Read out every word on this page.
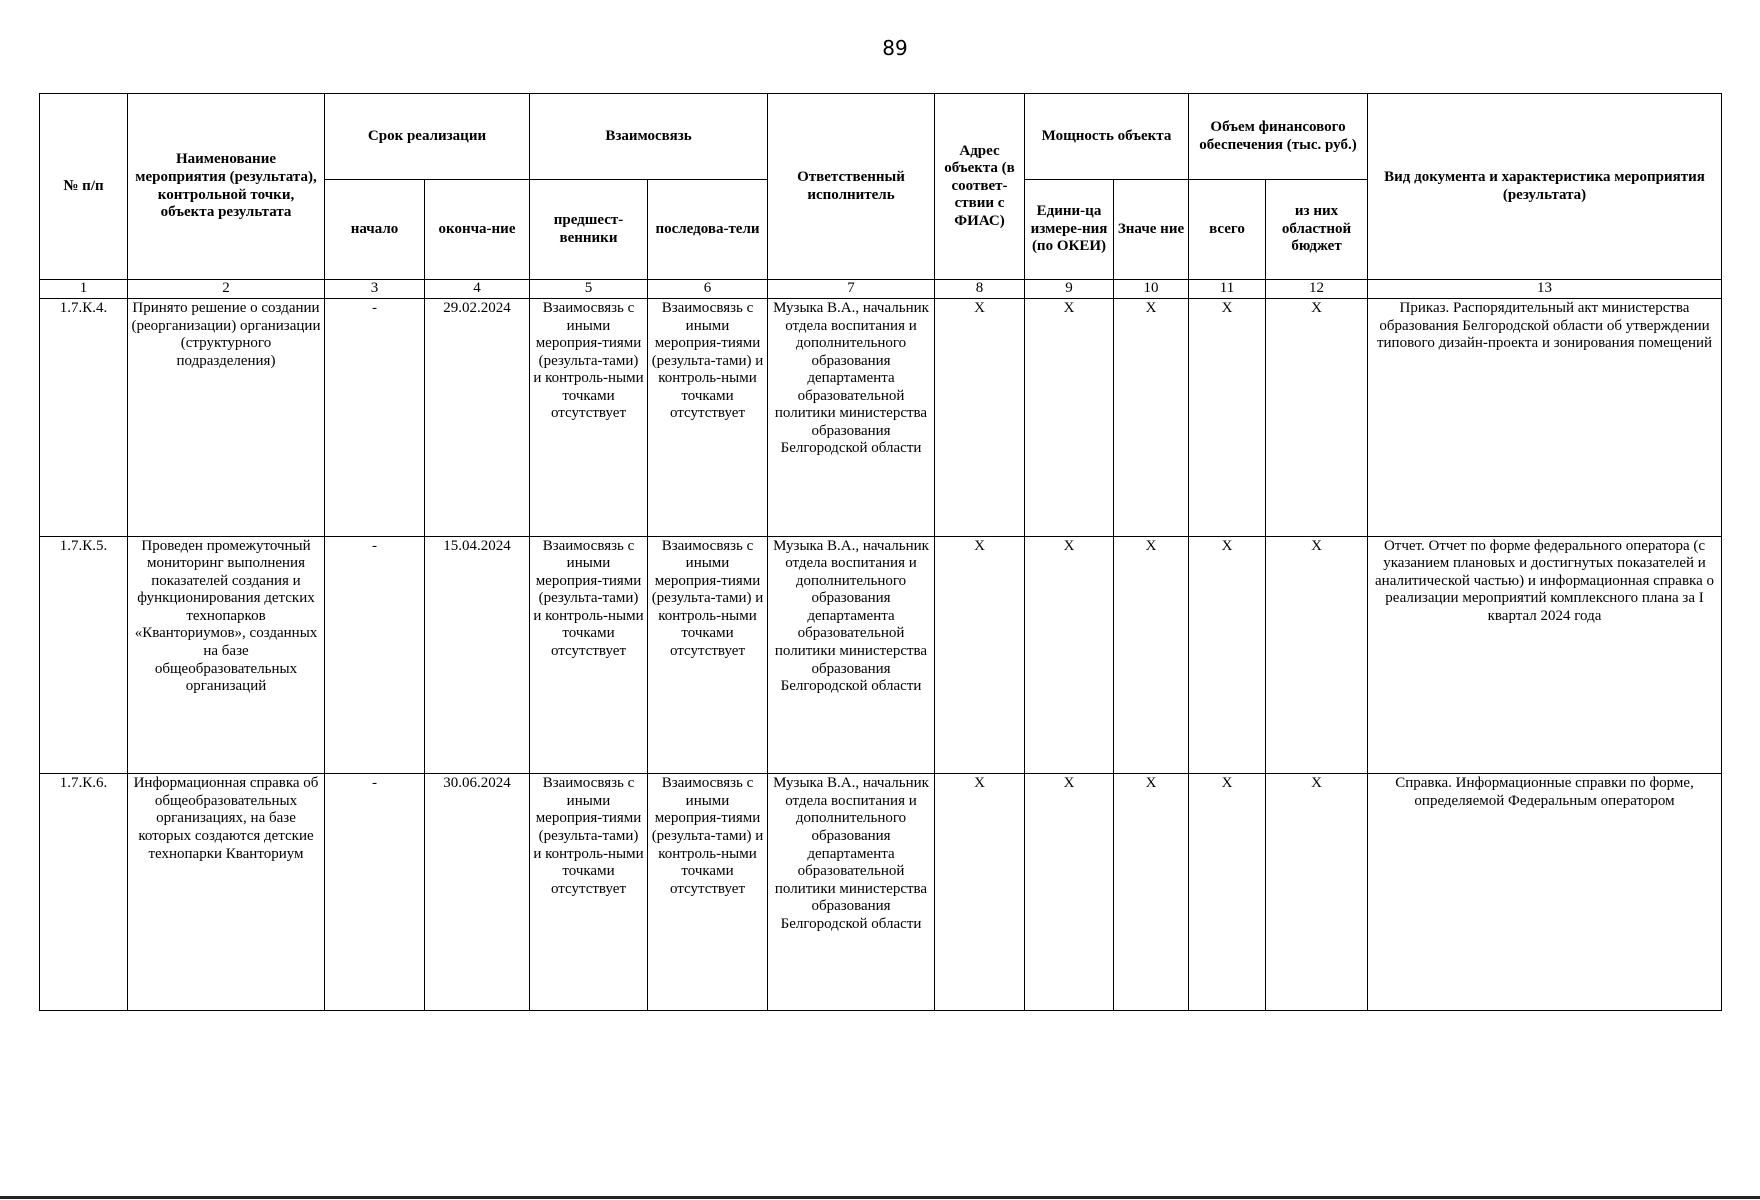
89
№ п/п	Наименование мероприятия (результата), контрольной точки, объекта результата	Срок реализации		Взаимосвязь		Ответственный исполнитель	Адрес объекта (в соответ-ствии с ФИАС)	Мощность объекта		Объем финансового обеспечения (тыс. руб.)		Вид документа и характеристика мероприятия (результата)
		начало	оконча-ние	предшест-венники	последова-тели			Едини-ца измере-ния (по ОКЕИ)	Значе ние	всего	из них областной бюджет	
1	2	3	4	5	6	7	8	9	10	11	12	13
1.7.К.4.	Принято решение о создании (реорганизации) организации (структурного подразделения)	-	29.02.2024	Взаимосвязь с иными мероприя-тиями (результа-тами) и контроль-ными точками отсутствует	Взаимосвязь с иными мероприя-тиями (результа-тами) и контроль-ными точками отсутствует	Музыка В.А., начальник отдела воспитания и дополнительного образования департамента образовательной политики министерства образования Белгородской области	X	X	X	X	X	Приказ. Распорядительный акт министерства образования Белгородской области об утверждении типового дизайн-проекта и зонирования помещений
1.7.К.5.	Проведен промежуточный мониторинг выполнения показателей создания и функционирования детских технопарков «Кванториумов», созданных на базе общеобразовательных организаций	-	15.04.2024	Взаимосвязь с иными мероприя-тиями (результа-тами) и контроль-ными точками отсутствует	Взаимосвязь с иными мероприя-тиями (результа-тами) и контроль-ными точками отсутствует	Музыка В.А., начальник отдела воспитания и дополнительного образования департамента образовательной политики министерства образования Белгородской области	X	X	X	X	X	Отчет. Отчет по форме федерального оператора (с указанием плановых и достигнутых показателей и аналитической частью) и информационная справка о реализации мероприятий комплексного плана за I квартал 2024 года
1.7.К.6.	Информационная справка об общеобразовательных организациях, на базе которых создаются детские технопарки Кванториум	-	30.06.2024	Взаимосвязь с иными мероприя-тиями (результа-тами) и контроль-ными точками отсутствует	Взаимосвязь с иными мероприя-тиями (результа-тами) и контроль-ными точками отсутствует	Музыка В.А., начальник отдела воспитания и дополнительного образования департамента образовательной политики министерства образования Белгородской области	X	X	X	X	X	Справка. Информационные справки по форме, определяемой Федеральным оператором
